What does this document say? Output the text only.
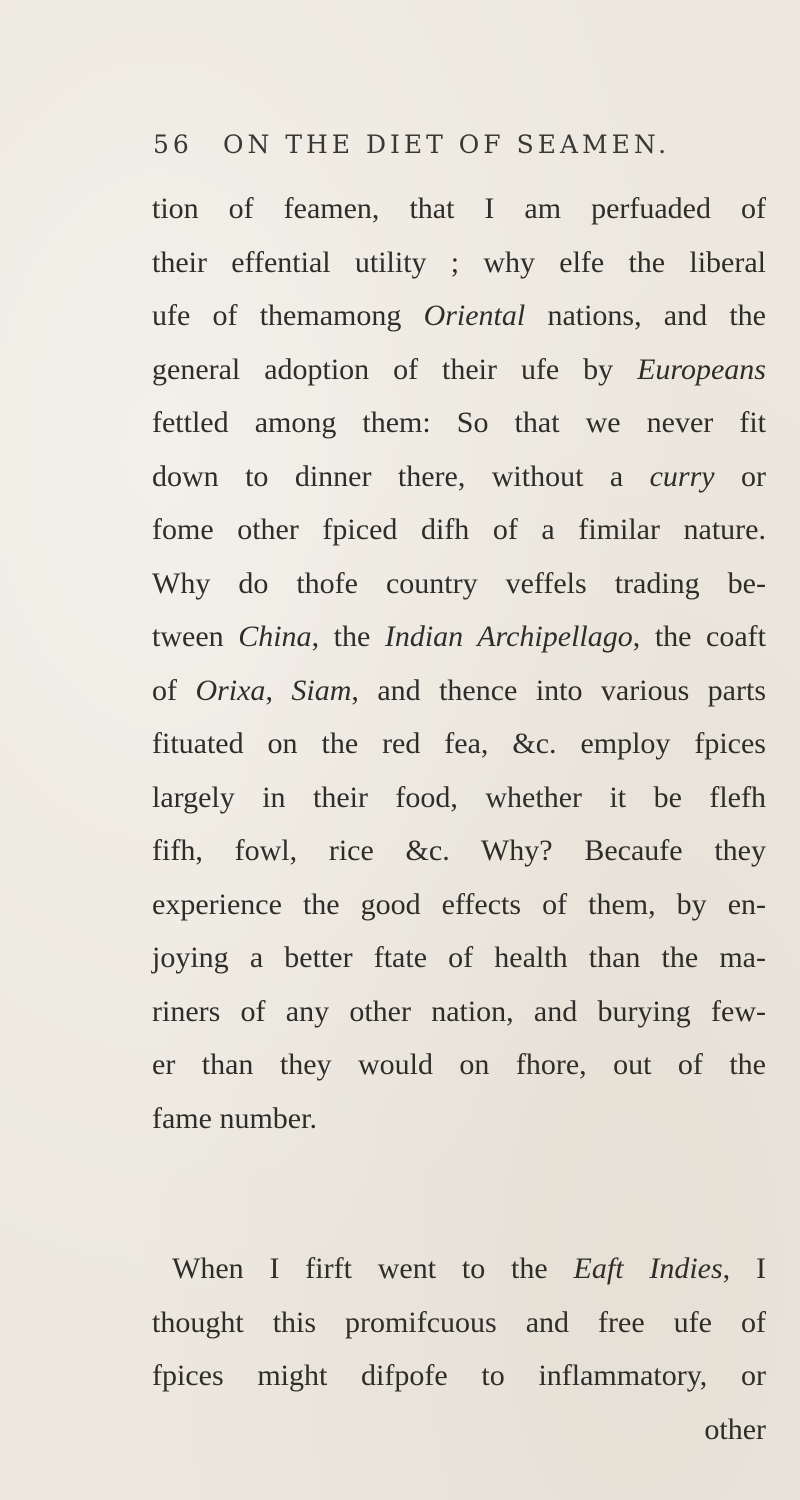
56 ON THE DIET OF SEAMEN.
tion of feamen, that I am perfuaded of
their effential utility ; why elfe the liberal
ufe of themamong Oriental nations, and the
general adoption of their ufe by Europeans
fettled among them: So that we never fit
down to dinner there, without a curry or
fome other fpiced difh of a fimilar nature.
Why do thofe country veffels trading be-
tween China, the Indian Archipellago, the coaft
of Orixa, Siam, and thence into various parts
fituated on the red fea, &c. employ fpices
largely in their food, whether it be flefh
fifh, fowl, rice &c. Why? Becaufe they
experience the good effects of them, by en-
joying a better ftate of health than the ma-
riners of any other nation, and burying few-
er than they would on fhore, out of the
fame number.
When I firft went to the Eaft Indies, I
thought this promifcuous and free ufe of
fpices might difpofe to inflammatory, or
other
